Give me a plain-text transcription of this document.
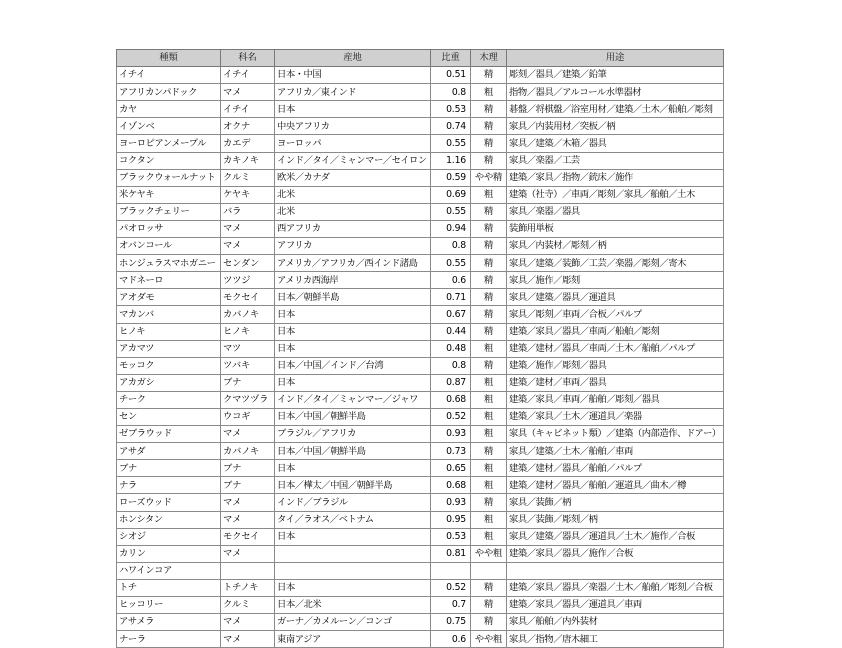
種類	科名	産地	比重	木理	用途
イチイ	イチイ	日本・中国	0.51	精	彫刻／器具／建築／鉛筆
アフリカンパドック	マメ	アフリカ／東インド	0.8	粗	指物／器具／アルコール水準器材
カヤ	イチイ	日本	0.53	精	碁盤／将棋盤／浴室用材／建築／土木／船舶／彫刻
イゾンベ	オクナ	中央アフリカ	0.74	精	家具／内装用材／突板／柄
ヨーロピアンメープル	カエデ	ヨーロッパ	0.55	精	家具／建築／木箱／器具
コクタン	カキノキ	インド／タイ／ミャンマー／セイロン	1.16	精	家具／楽器／工芸
ブラックウォールナット	クルミ	欧米／カナダ	0.59	やや精	建築／家具／指物／銃床／施作
米ケヤキ	ケヤキ	北米	0.69	粗	建築（社寺）／車両／彫刻／家具／船舶／土木
ブラックチェリー	バラ	北米	0.55	精	家具／楽器／器具
パオロッサ	マメ	西アフリカ	0.94	精	装飾用単板
オバンコール	マメ	アフリカ	0.8	精	家具／内装材／彫刻／柄
ホンジュラスマホガニー	センダン	アメリカ／アフリカ／西インド諸島	0.55	精	家具／建築／装飾／工芸／楽器／彫刻／寄木
マドネーロ	ツツジ	アメリカ西海岸	0.6	精	家具／施作／彫刻
アオダモ	モクセイ	日本／朝鮮半島	0.71	精	家具／建築／器具／運道具
マカンバ	カバノキ	日本	0.67	精	家具／彫刻／車両／合板／パルプ
ヒノキ	ヒノキ	日本	0.44	精	建築／家具／器具／車両／船舶／彫刻
アカマツ	マツ	日本	0.48	粗	建築／建材／器具／車両／土木／船舶／パルプ
モッコク	ツバキ	日本／中国／インド／台湾	0.8	精	建築／施作／彫刻／器具
アカガシ	ブナ	日本	0.87	粗	建築／建材／車両／器具
チーク	クマツヅラ	インド／タイ／ミャンマー／ジャワ	0.68	粗	建築／家具／車両／船舶／彫刻／器具
セン	ウコギ	日本／中国／朝鮮半島	0.52	粗	建築／家具／土木／運道具／楽器
ゼブラウッド	マメ	ブラジル／アフリカ	0.93	粗	家具（キャビネット類）／建築（内部造作、ドアー）
アサダ	カバノキ	日本／中国／朝鮮半島	0.73	精	家具／建築／土木／船舶／車両
ブナ	ブナ	日本	0.65	粗	建築／建材／器具／船舶／パルプ
ナラ	ブナ	日本／樺太／中国／朝鮮半島	0.68	粗	建築／建材／器具／船舶／運道具／曲木／樽
ローズウッド	マメ	インド／ブラジル	0.93	精	家具／装飾／柄
ホンシタン	マメ	タイ／ラオス／ベトナム	0.95	粗	家具／装飾／彫刻／柄
シオジ	モクセイ	日本	0.53	粗	家具／建築／器具／運道具／土木／施作／合板
カリン	マメ		0.81	やや粗	建築／家具／器具／施作／合板
ハワインコア					
トチ	トチノキ	日本	0.52	精	建築／家具／器具／楽器／土木／船舶／彫刻／合板
ヒッコリー	クルミ	日本／北米	0.7	精	建築／家具／器具／運道具／車両
アサメラ	マメ	ガーナ／カメルーン／コンゴ	0.75	精	家具／船舶／内外装材
ナーラ	マメ	東南アジア	0.6	やや粗	家具／指物／唐木細工
